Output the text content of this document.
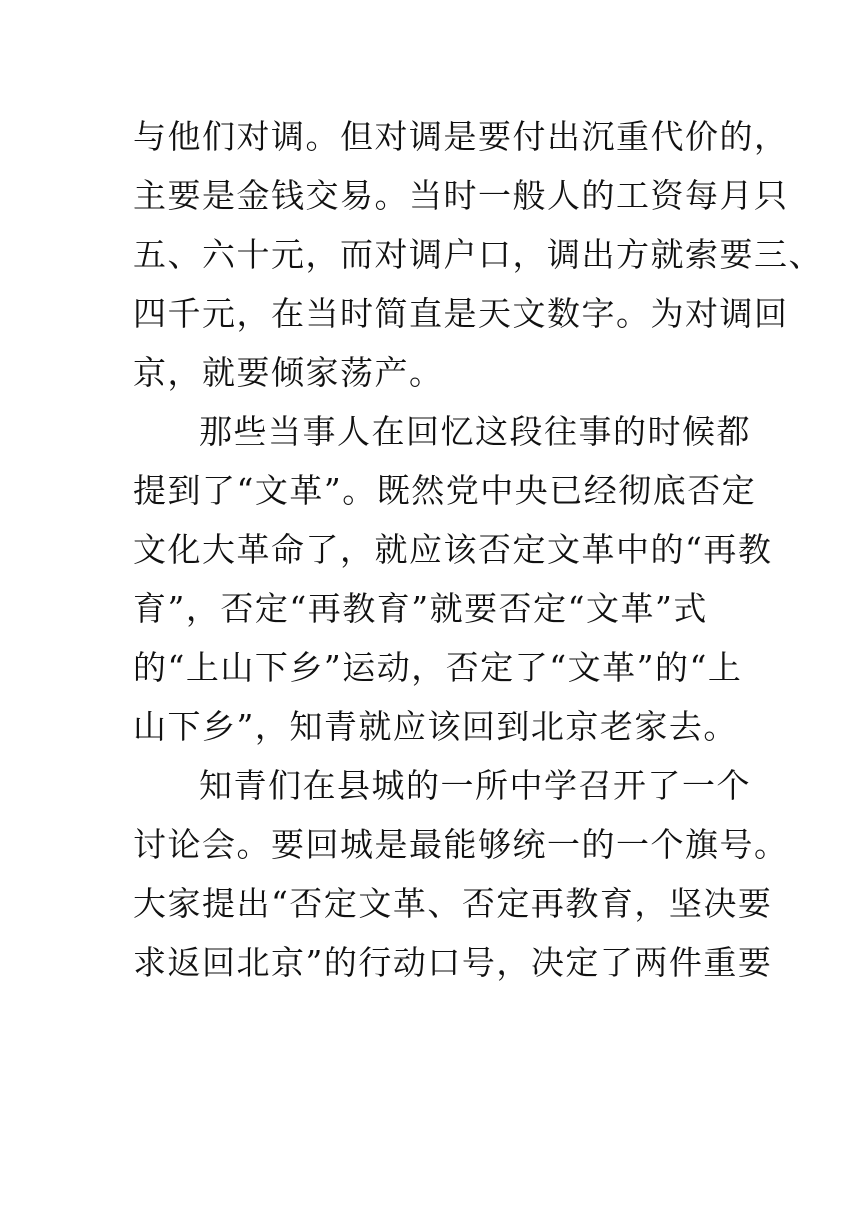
与他们对调。但对调是要付出沉重代价的，
主要是金钱交易。当时一般人的工资每月只
五、六十元，而对调户口，调出方就索要三、
四千元，在当时简直是天文数字。为对调回
京，就要倾家荡产。
那些当事人在回忆这段往事的时候都
提到了“文革”。既然党中央已经彻底否定
文化大革命了，就应该否定文革中的“再教
育”，否定“再教育”就要否定“文革”式
的“上山下乡”运动，否定了“文革”的“上
山下乡”，知青就应该回到北京老家去。
知青们在县城的一所中学召开了一个
讨论会。要回城是最能够统一的一个旗号。
大家提出“否定文革、否定再教育，坚决要
求返回北京”的行动口号，决定了两件重要
